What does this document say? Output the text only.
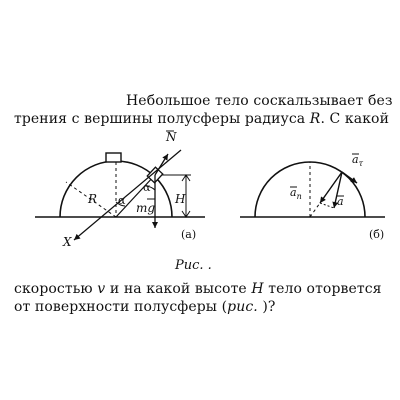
Небольшое тело соскальзывает без
трения с вершины полусферы радиуса R. С какой
N
R α
α
mg
H
X
(а)
$a_\tau$
$a_n$	a
(б)
Рис. .
скоростью v и на какой высоте H тело оторвется
от поверхности полусферы (рис. )?
